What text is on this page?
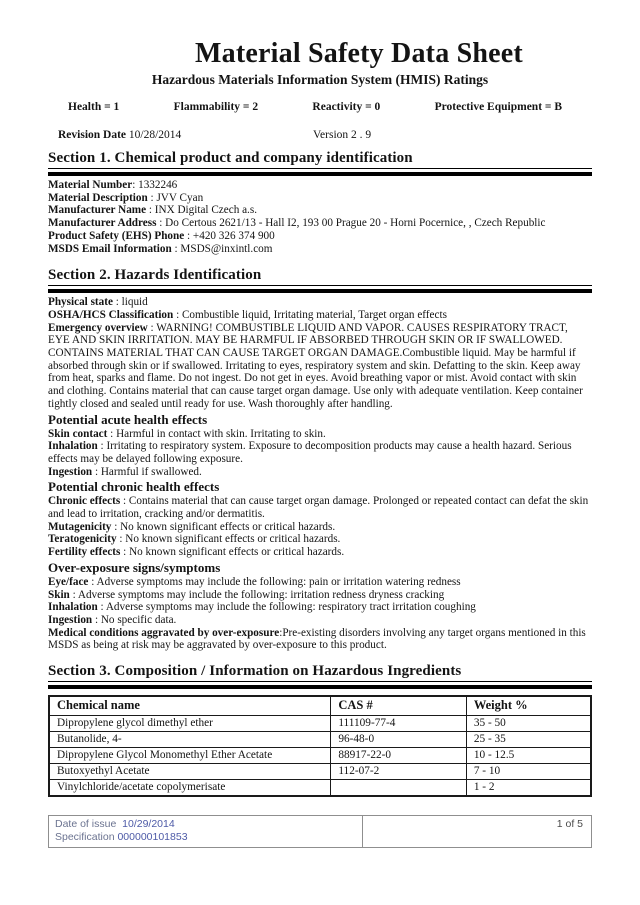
Material Safety Data Sheet
Hazardous Materials Information System (HMIS) Ratings
Health = 1	Flammability = 2	Reactivity = 0	Protective Equipment = B
Revision Date 10/28/2014	Version 2 . 9
Section 1. Chemical product and company identification

Material Number: 1332246

Material Description : JVV Cyan

Manufacturer Name : INX Digital Czech a.s.

Manufacturer Address : Do Certous 2621/13 - Hall I2, 193 00 Prague 20 - Horni Pocernice, , Czech Republic

Product Safety (EHS) Phone : +420 326 374 900

MSDS Email Information : MSDS@inxintl.com

Section 2. Hazards Identification

Physical state : liquid

OSHA/HCS Classification : Combustible liquid, Irritating material, Target organ effects

Emergency overview : WARNING! COMBUSTIBLE LIQUID AND VAPOR. CAUSES RESPIRATORY TRACT, EYE AND SKIN IRRITATION. MAY BE HARMFUL IF ABSORBED THROUGH SKIN OR IF SWALLOWED. CONTAINS MATERIAL THAT CAN CAUSE TARGET ORGAN DAMAGE.Combustible liquid. May be harmful if absorbed through skin or if swallowed. Irritating to eyes, respiratory system and skin. Defatting to the skin. Keep away from heat, sparks and flame. Do not ingest. Do not get in eyes. Avoid breathing vapor or mist. Avoid contact with skin and clothing. Contains material that can cause target organ damage. Use only with adequate ventilation. Keep container tightly closed and sealed until ready for use. Wash thoroughly after handling.

Potential acute health effects

Skin contact : Harmful in contact with skin. Irritating to skin.

Inhalation : Irritating to respiratory system. Exposure to decomposition products may cause a health hazard. Serious effects may be delayed following exposure.

Ingestion : Harmful if swallowed.

Potential chronic health effects

Chronic effects : Contains material that can cause target organ damage. Prolonged or repeated contact can defat the skin and lead to irritation, cracking and/or dermatitis.

Mutagenicity : No known significant effects or critical hazards.

Teratogenicity : No known significant effects or critical hazards.

Fertility effects : No known significant effects or critical hazards.

Over-exposure signs/symptoms

Eye/face : Adverse symptoms may include the following: pain or irritation watering redness

Skin : Adverse symptoms may include the following: irritation redness dryness cracking

Inhalation : Adverse symptoms may include the following: respiratory tract irritation coughing

Ingestion : No specific data.

Medical conditions aggravated by over-exposure:Pre-existing disorders involving any target organs mentioned in this MSDS as being at risk may be aggravated by over-exposure to this product.

Section 3. Composition / Information on Hazardous Ingredients
Chemical name	CAS #	Weight %
Dipropylene glycol dimethyl ether	111109-77-4	35 - 50
Butanolide, 4-	96-48-0	25 - 35
Dipropylene Glycol Monomethyl Ether Acetate	88917-22-0	10 - 12.5
Butoxyethyl Acetate	112-07-2	7 - 10
Vinylchloride/acetate copolymerisate		1 - 2
Date of issue 10/29/2014
Specification 000000101853
1 of 5
